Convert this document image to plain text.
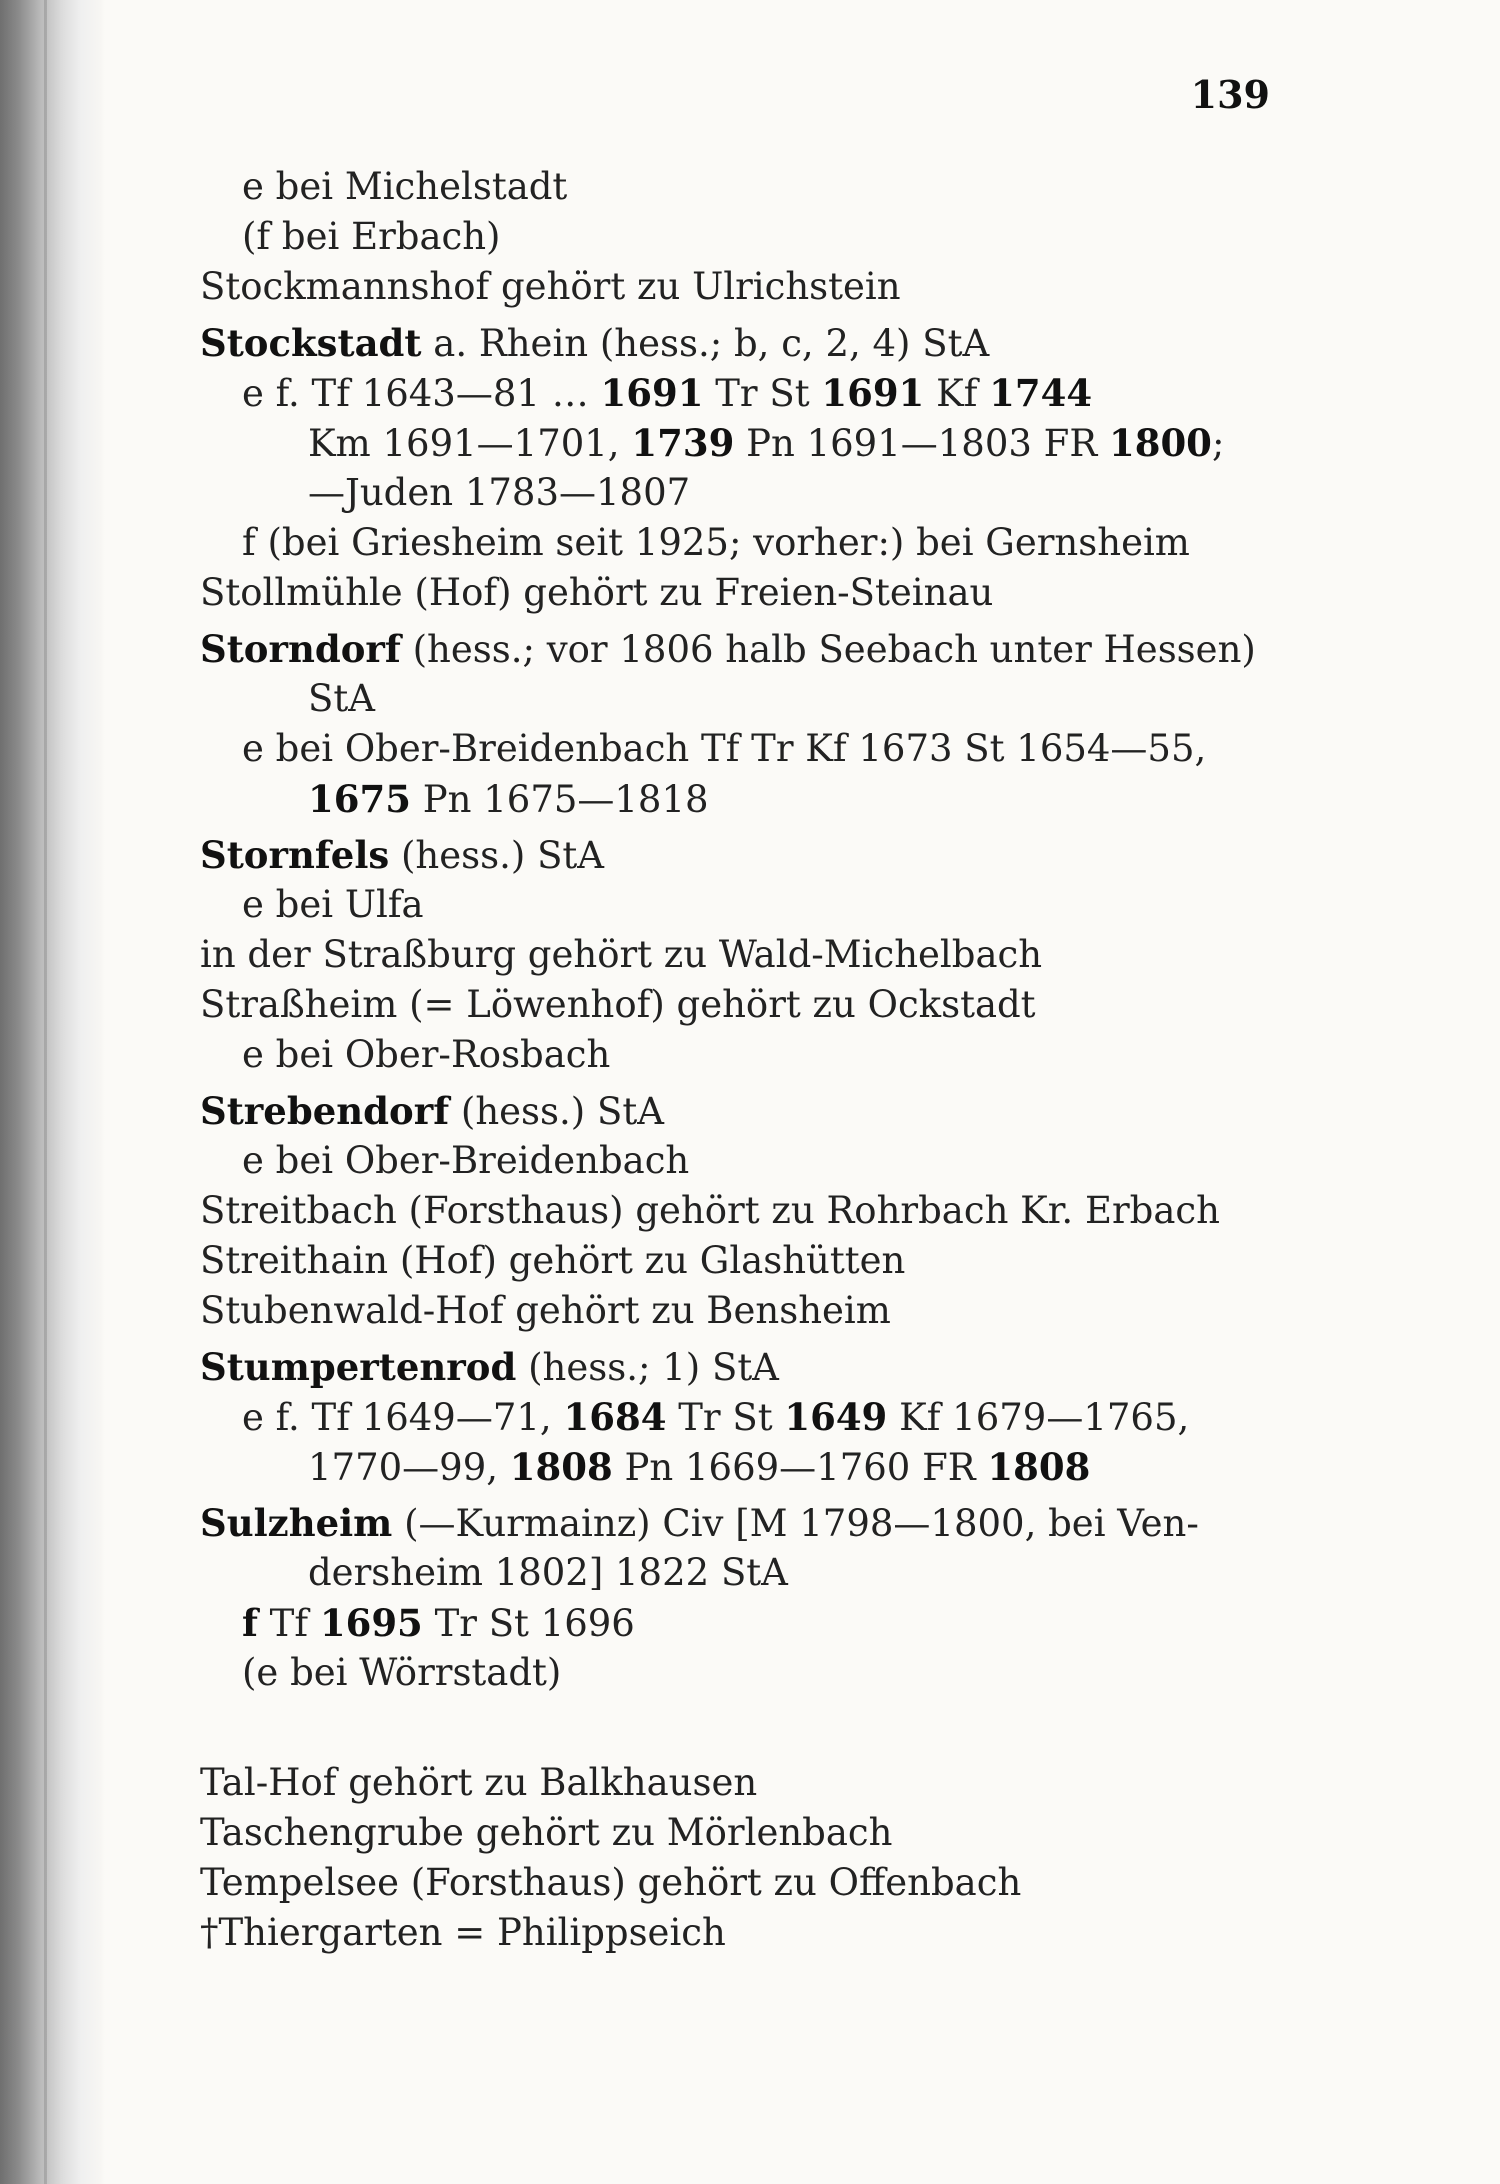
139
e bei Michelstadt
(f bei Erbach)
Stockmannshof gehört zu Ulrichstein
Stockstadt a. Rhein (hess.; b, c, 2, 4) StA
e f. Tf 1643—81 … 1691 Tr St 1691 Kf 1744
Km 1691—1701, 1739 Pn 1691—1803 FR 1800;
—Juden 1783—1807
f (bei Griesheim seit 1925; vorher:) bei Gernsheim
Stollmühle (Hof) gehört zu Freien-Steinau
Storndorf (hess.; vor 1806 halb Seebach unter Hessen)
StA
e bei Ober-Breidenbach Tf Tr Kf 1673 St 1654—55,
1675 Pn 1675—1818
Stornfels (hess.) StA
e bei Ulfa
in der Straßburg gehört zu Wald-Michelbach
Straßheim (= Löwenhof) gehört zu Ockstadt
e bei Ober-Rosbach
Strebendorf (hess.) StA
e bei Ober-Breidenbach
Streitbach (Forsthaus) gehört zu Rohrbach Kr. Erbach
Streithain (Hof) gehört zu Glashütten
Stubenwald-Hof gehört zu Bensheim
Stumpertenrod (hess.; 1) StA
e f. Tf 1649—71, 1684 Tr St 1649 Kf 1679—1765,
1770—99, 1808 Pn 1669—1760 FR 1808
Sulzheim (—Kurmainz) Civ [M 1798—1800, bei Ven-
dersheim 1802] 1822 StA
f Tf 1695 Tr St 1696
(e bei Wörrstadt)
Tal-Hof gehört zu Balkhausen
Taschengrube gehört zu Mörlenbach
Tempelsee (Forsthaus) gehört zu Offenbach
†Thiergarten = Philippseich
